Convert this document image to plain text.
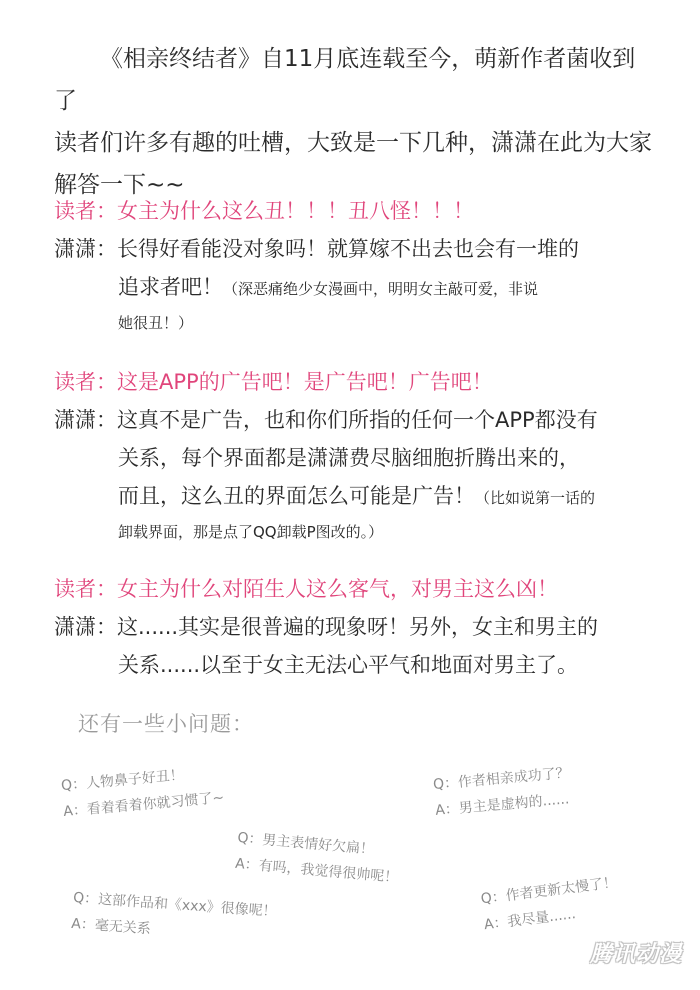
《相亲终结者》自11月底连载至今，萌新作者菌收到了
读者们许多有趣的吐槽，大致是一下几种，潇潇在此为大家
解答一下~~
读者：女主为什么这么丑！！！丑八怪！！！
潇潇：长得好看能没对象吗！就算嫁不出去也会有一堆的
追求者吧！（深恶痛绝少女漫画中，明明女主敲可爱，非说
她很丑！）
读者：这是APP的广告吧！是广告吧！广告吧！
潇潇：这真不是广告，也和你们所指的任何一个APP都没有
关系，每个界面都是潇潇费尽脑细胞折腾出来的，
而且，这么丑的界面怎么可能是广告！（比如说第一话的
卸载界面，那是点了QQ卸载P图改的。）
读者：女主为什么对陌生人这么客气，对男主这么凶！
潇潇：这......其实是很普遍的现象呀！另外，女主和男主的
关系......以至于女主无法心平气和地面对男主了。
还有一些小问题：
Q：人物鼻子好丑！
A：看着看着你就习惯了~
Q：作者相亲成功了？
A：男主是虚构的......
Q：男主表情好欠扁！
A：有吗，我觉得很帅呢！
Q：这部作品和《xxx》很像呢！
A：毫无关系
Q：作者更新太慢了！
A：我尽量......
腾讯动漫
